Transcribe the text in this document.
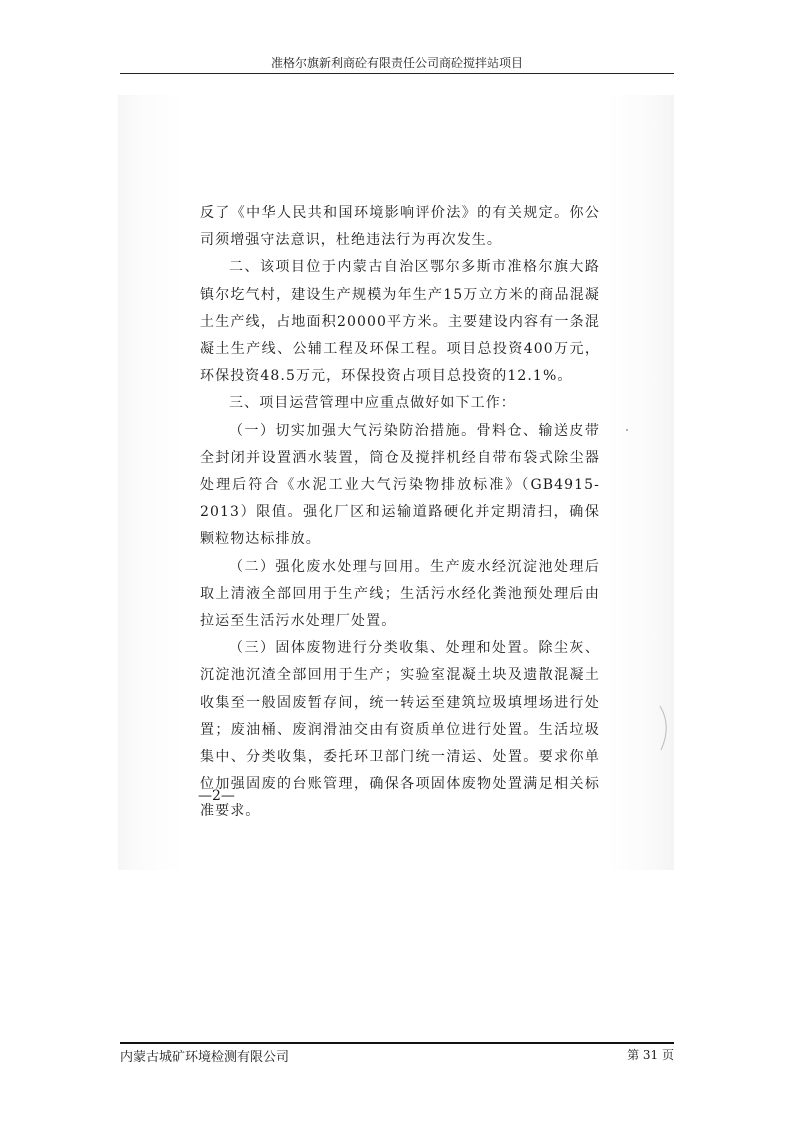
准格尔旗新利商砼有限责任公司商砼搅拌站项目

反了《中华人民共和国环境影响评价法》的有关规定。你公司须增强守法意识，杜绝违法行为再次发生。

二、该项目位于内蒙古自治区鄂尔多斯市准格尔旗大路镇尔圪气村，建设生产规模为年生产15万立方米的商品混凝土生产线，占地面积20000平方米。主要建设内容有一条混凝土生产线、公辅工程及环保工程。项目总投资400万元，环保投资48.5万元，环保投资占项目总投资的12.1%。

三、项目运营管理中应重点做好如下工作：

（一）切实加强大气污染防治措施。骨料仓、输送皮带全封闭并设置洒水装置，筒仓及搅拌机经自带布袋式除尘器处理后符合《水泥工业大气污染物排放标准》（GB4915-2013）限值。强化厂区和运输道路硬化并定期清扫，确保颗粒物达标排放。

（二）强化废水处理与回用。生产废水经沉淀池处理后取上清液全部回用于生产线；生活污水经化粪池预处理后由拉运至生活污水处理厂处置。

（三）固体废物进行分类收集、处理和处置。除尘灰、沉淀池沉渣全部回用于生产；实验室混凝土块及遗散混凝土收集至一般固废暂存间，统一转运至建筑垃圾填埋场进行处置；废油桶、废润滑油交由有资质单位进行处置。生活垃圾集中、分类收集，委托环卫部门统一清运、处置。要求你单位加强固废的台账管理，确保各项固体废物处置满足相关标准要求。

—2—
内蒙古城矿环境检测有限公司	第 31 页
